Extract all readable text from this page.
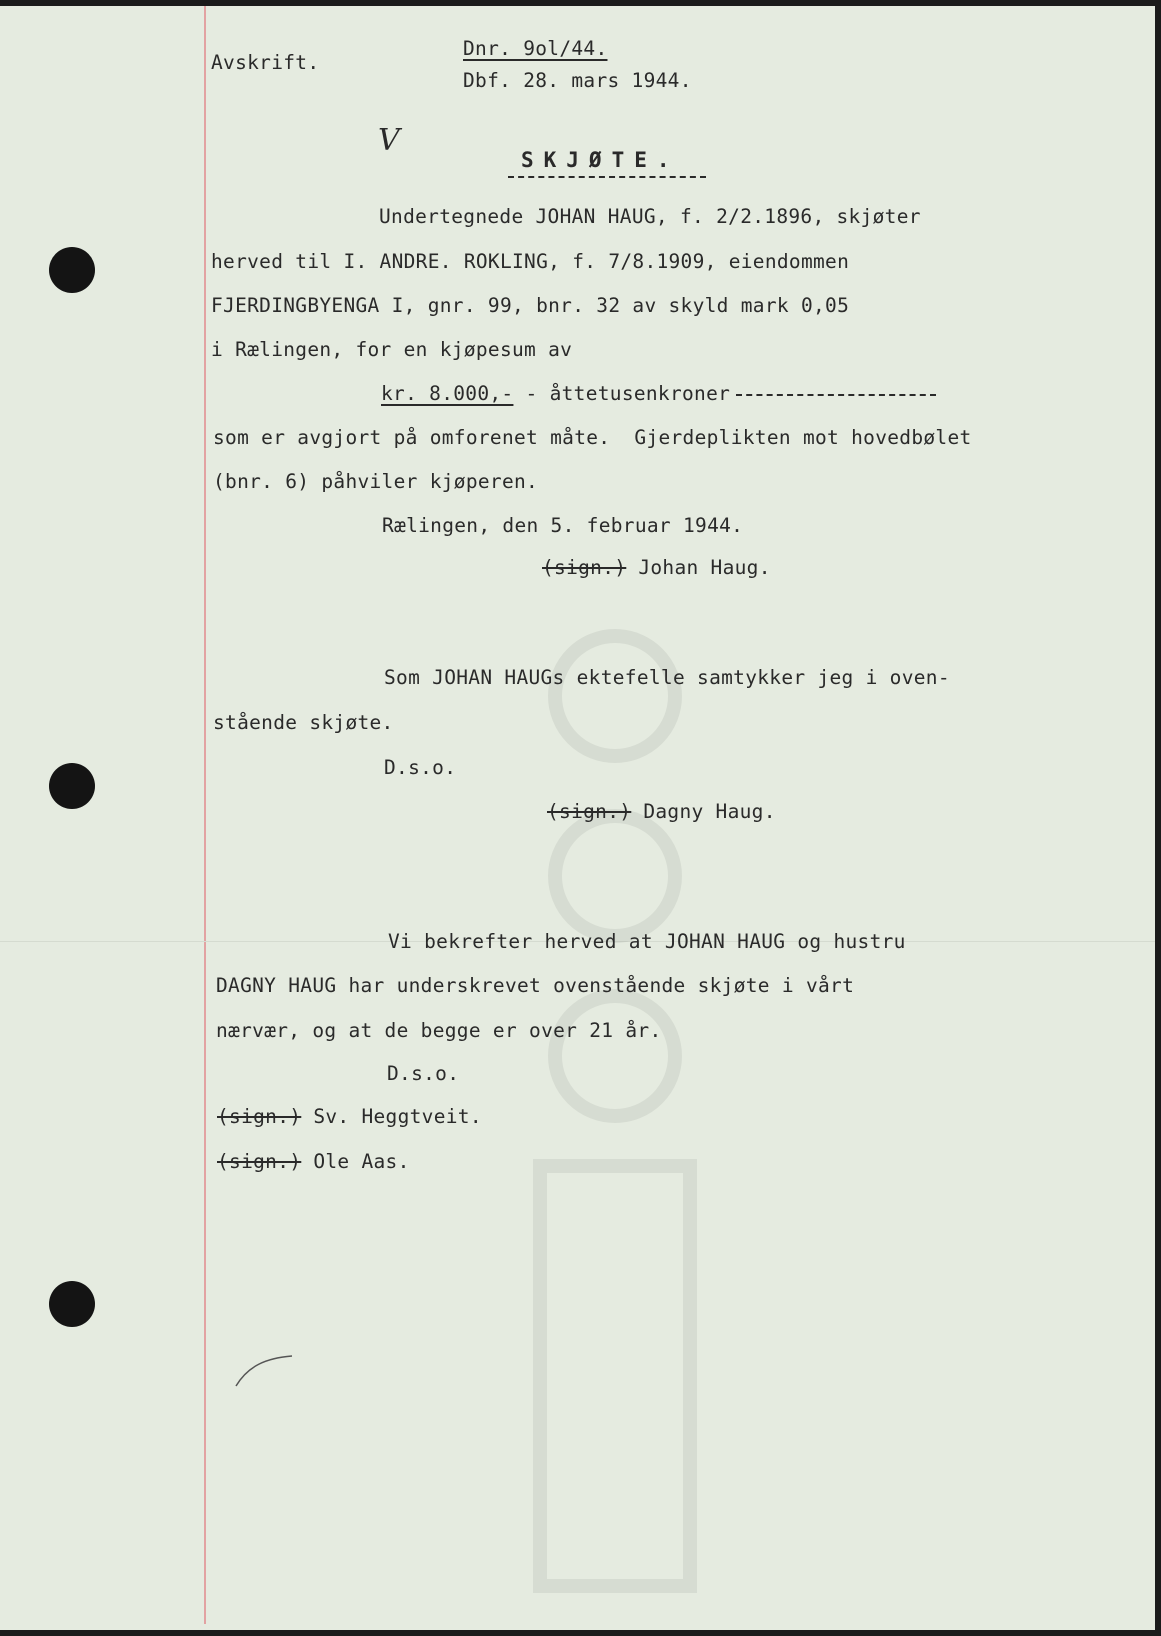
Avskrift.
Dnr. 9ol/44.
Dbf. 28. mars 1944.
V
SKJØTE.
Undertegnede JOHAN HAUG, f. 2/2.1896, skjøter
herved til I. ANDRE. ROKLING, f. 7/8.1909, eiendommen
FJERDINGBYENGA I, gnr. 99, bnr. 32 av skyld mark 0,05
i Rælingen, for en kjøpesum av
kr. 8.000,- - åttetusenkroner
som er avgjort på omforenet måte.  Gjerdeplikten mot hovedbølet
(bnr. 6) påhviler kjøperen.
Rælingen, den 5. februar 1944.
(sign.) Johan Haug.
Som JOHAN HAUGs ektefelle samtykker jeg i oven-
stående skjøte.
D.s.o.
(sign.) Dagny Haug.
Vi bekrefter herved at JOHAN HAUG og hustru
DAGNY HAUG har underskrevet ovenstående skjøte i vårt
nærvær, og at de begge er over 21 år.
D.s.o.
(sign.) Sv. Heggtveit.
(sign.) Ole Aas.
